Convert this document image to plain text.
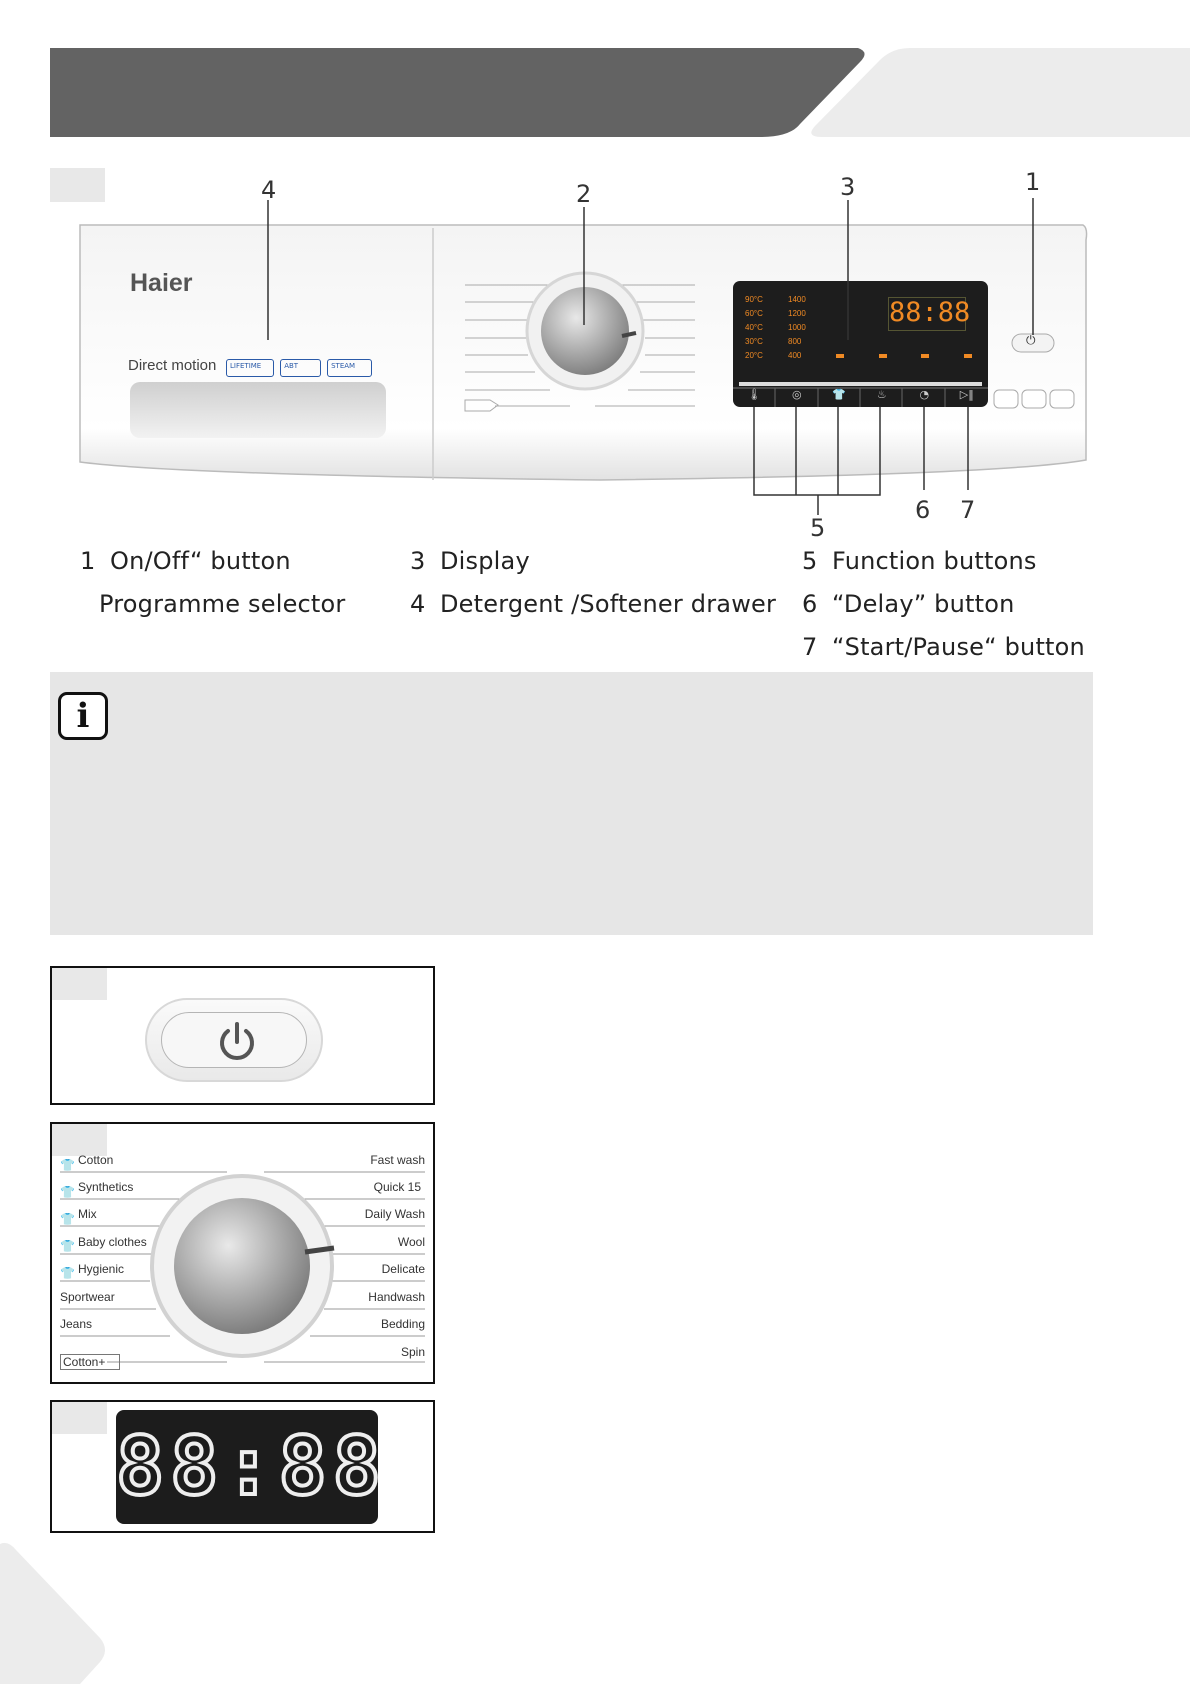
Haier
Direct motion	LIFETIME	ABT	STEAM
90°C
60°C
40°C
30°C
20°C
1400
1200
1000
800
400
88:88
🌡	◎	👕	♨	◔	▷‖
⏻
1
2	3
4
5
6 7
1 On/Off“ button
Programme selector
3 Display
4 Detergent /Softener drawer
5 Function buttons
6 “Delay” button
7 “Start/Pause“ button
i
Cotton
Synthetics
Mix
Baby clothes
Hygienic
Sportwear
Jeans
Cotton+
👕
👕
👕
👕
👕
Fast wash
Quick 15
Daily Wash
Wool
Delicate
Handwash
Bedding
Spin
88:88
